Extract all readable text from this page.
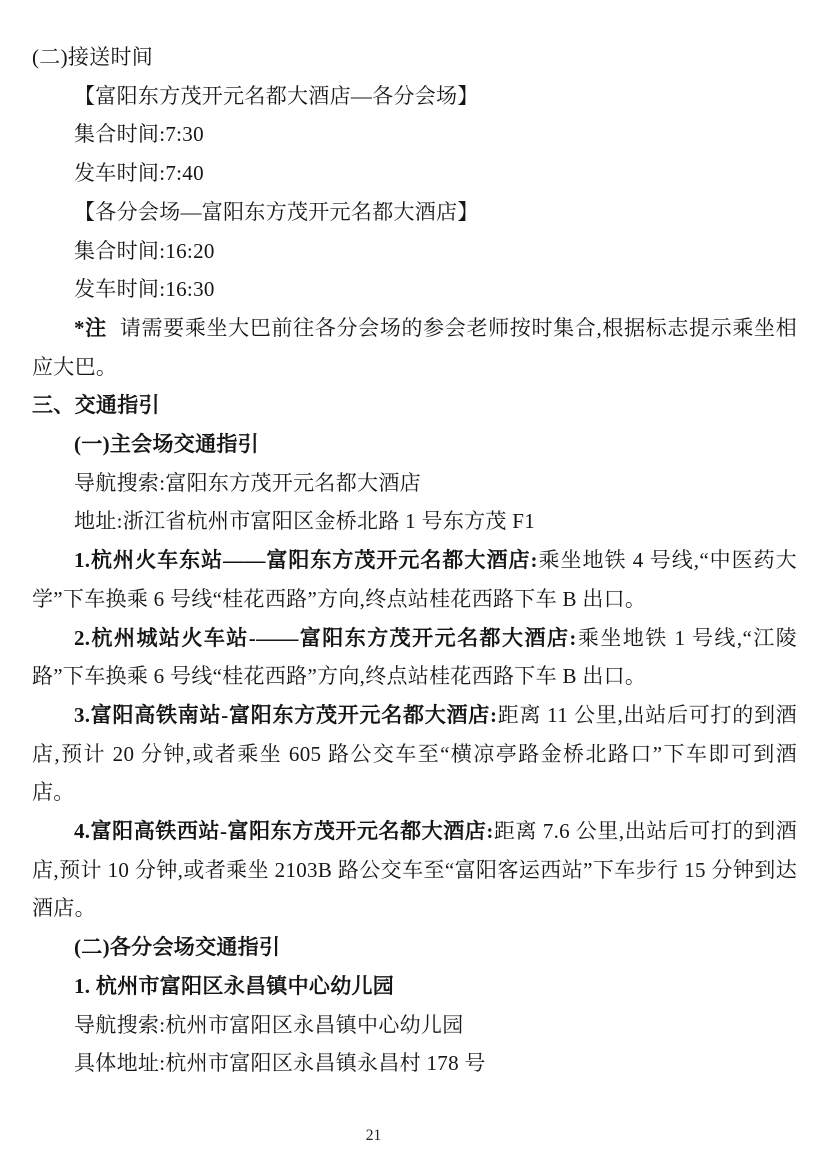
(二)接送时间

【富阳东方茂开元名都大酒店—各分会场】

集合时间:7:30

发车时间:7:40

【各分会场—富阳东方茂开元名都大酒店】

集合时间:16:20

发车时间:16:30

*注 请需要乘坐大巴前往各分会场的参会老师按时集合,根据标志提示乘坐相应大巴。

三、交通指引

(一)主会场交通指引

导航搜索:富阳东方茂开元名都大酒店

地址:浙江省杭州市富阳区金桥北路 1 号东方茂 F1

1.杭州火车东站——富阳东方茂开元名都大酒店:乘坐地铁 4 号线,“中医药大学”下车换乘 6 号线“桂花西路”方向,终点站桂花西路下车 B 出口。

2.杭州城站火车站-——富阳东方茂开元名都大酒店:乘坐地铁 1 号线,“江陵路”下车换乘 6 号线“桂花西路”方向,终点站桂花西路下车 B 出口。

3.富阳高铁南站-富阳东方茂开元名都大酒店:距离 11 公里,出站后可打的到酒店,预计 20 分钟,或者乘坐 605 路公交车至“横凉亭路金桥北路口”下车即可到酒店。

4.富阳高铁西站-富阳东方茂开元名都大酒店:距离 7.6 公里,出站后可打的到酒店,预计 10 分钟,或者乘坐 2103B 路公交车至“富阳客运西站”下车步行 15 分钟到达酒店。

(二)各分会场交通指引

1. 杭州市富阳区永昌镇中心幼儿园

导航搜索:杭州市富阳区永昌镇中心幼儿园

具体地址:杭州市富阳区永昌镇永昌村 178 号

21
